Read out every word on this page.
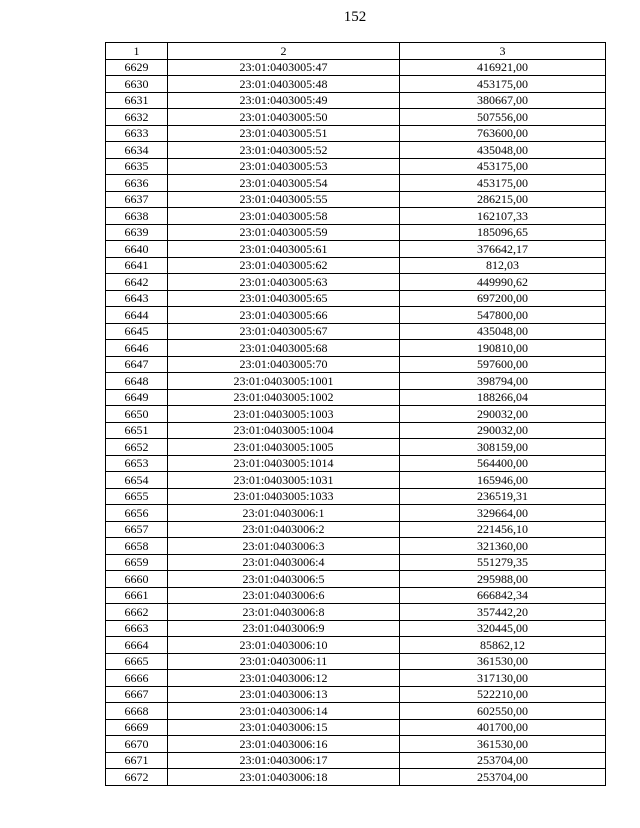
152
1	2	3
6629	23:01:0403005:47	416921,00
6630	23:01:0403005:48	453175,00
6631	23:01:0403005:49	380667,00
6632	23:01:0403005:50	507556,00
6633	23:01:0403005:51	763600,00
6634	23:01:0403005:52	435048,00
6635	23:01:0403005:53	453175,00
6636	23:01:0403005:54	453175,00
6637	23:01:0403005:55	286215,00
6638	23:01:0403005:58	162107,33
6639	23:01:0403005:59	185096,65
6640	23:01:0403005:61	376642,17
6641	23:01:0403005:62	812,03
6642	23:01:0403005:63	449990,62
6643	23:01:0403005:65	697200,00
6644	23:01:0403005:66	547800,00
6645	23:01:0403005:67	435048,00
6646	23:01:0403005:68	190810,00
6647	23:01:0403005:70	597600,00
6648	23:01:0403005:1001	398794,00
6649	23:01:0403005:1002	188266,04
6650	23:01:0403005:1003	290032,00
6651	23:01:0403005:1004	290032,00
6652	23:01:0403005:1005	308159,00
6653	23:01:0403005:1014	564400,00
6654	23:01:0403005:1031	165946,00
6655	23:01:0403005:1033	236519,31
6656	23:01:0403006:1	329664,00
6657	23:01:0403006:2	221456,10
6658	23:01:0403006:3	321360,00
6659	23:01:0403006:4	551279,35
6660	23:01:0403006:5	295988,00
6661	23:01:0403006:6	666842,34
6662	23:01:0403006:8	357442,20
6663	23:01:0403006:9	320445,00
6664	23:01:0403006:10	85862,12
6665	23:01:0403006:11	361530,00
6666	23:01:0403006:12	317130,00
6667	23:01:0403006:13	522210,00
6668	23:01:0403006:14	602550,00
6669	23:01:0403006:15	401700,00
6670	23:01:0403006:16	361530,00
6671	23:01:0403006:17	253704,00
6672	23:01:0403006:18	253704,00
